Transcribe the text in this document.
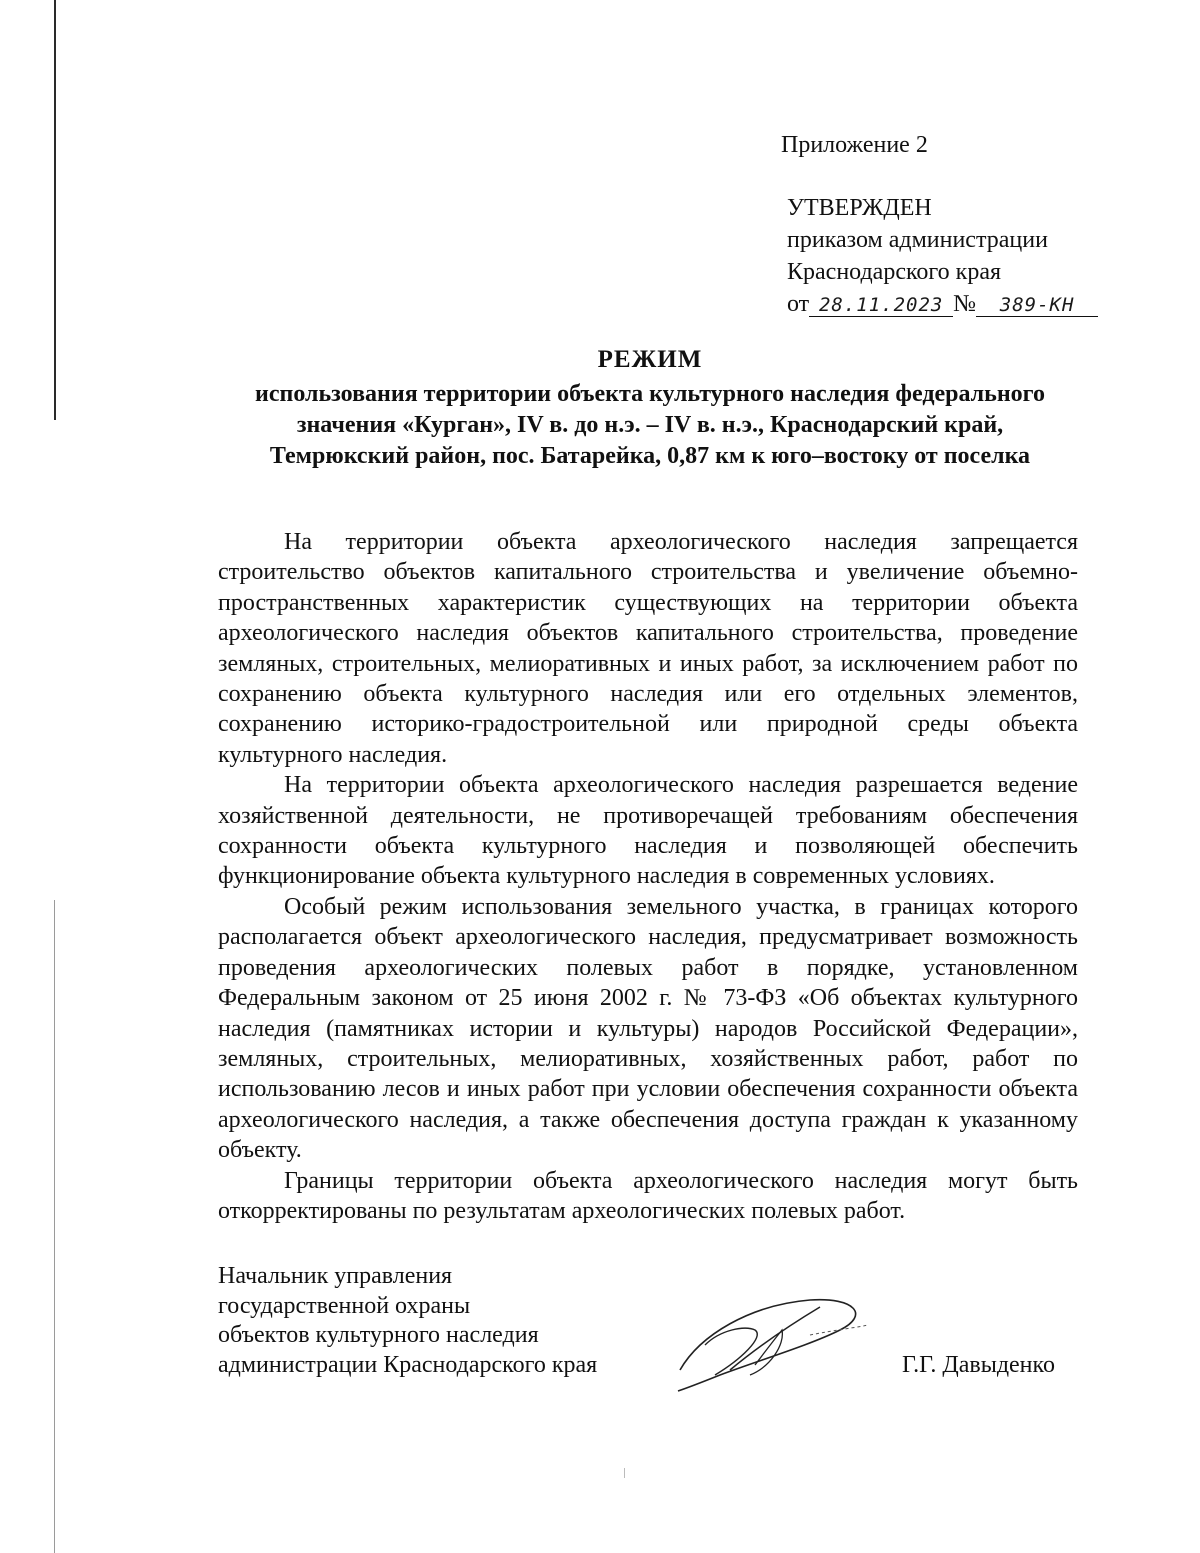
Приложение 2
УТВЕРЖДЕН
приказом администрации
Краснодарского края
от 28.11.2023 № 389-КН
РЕЖИМ
использования территории объекта культурного наследия федерального
значения «Курган», IV в. до н.э. – IV в. н.э., Краснодарский край,
Темрюкский район, пос. Батарейка, 0,87 км к юго–востоку от поселка

На территории объекта археологического наследия запрещается строительство объектов капитального строительства и увеличение объемно-пространственных характеристик существующих на территории объекта археологического наследия объектов капитального строительства, проведение земляных, строительных, мелиоративных и иных работ, за исключением работ по сохранению объекта культурного наследия или его отдельных элементов, сохранению историко-градостроительной или природной среды объекта культурного наследия.

На территории объекта археологического наследия разрешается ведение хозяйственной деятельности, не противоречащей требованиям обеспечения сохранности объекта культурного наследия и позволяющей обеспечить функционирование объекта культурного наследия в современных условиях.

Особый режим использования земельного участка, в границах которого располагается объект археологического наследия, предусматривает возможность проведения археологических полевых работ в порядке, установленном Федеральным законом от 25 июня 2002 г. № 73-ФЗ «Об объектах культурного наследия (памятниках истории и культуры) народов Российской Федерации», земляных, строительных, мелиоративных, хозяйственных работ, работ по использованию лесов и иных работ при условии обеспечения сохранности объекта археологического наследия, а также обеспечения доступа граждан к указанному объекту.

Границы территории объекта археологического наследия могут быть откорректированы по результатам археологических полевых работ.

Начальник управления
государственной охраны
объектов культурного наследия
администрации Краснодарского края	Г.Г. Давыденко
